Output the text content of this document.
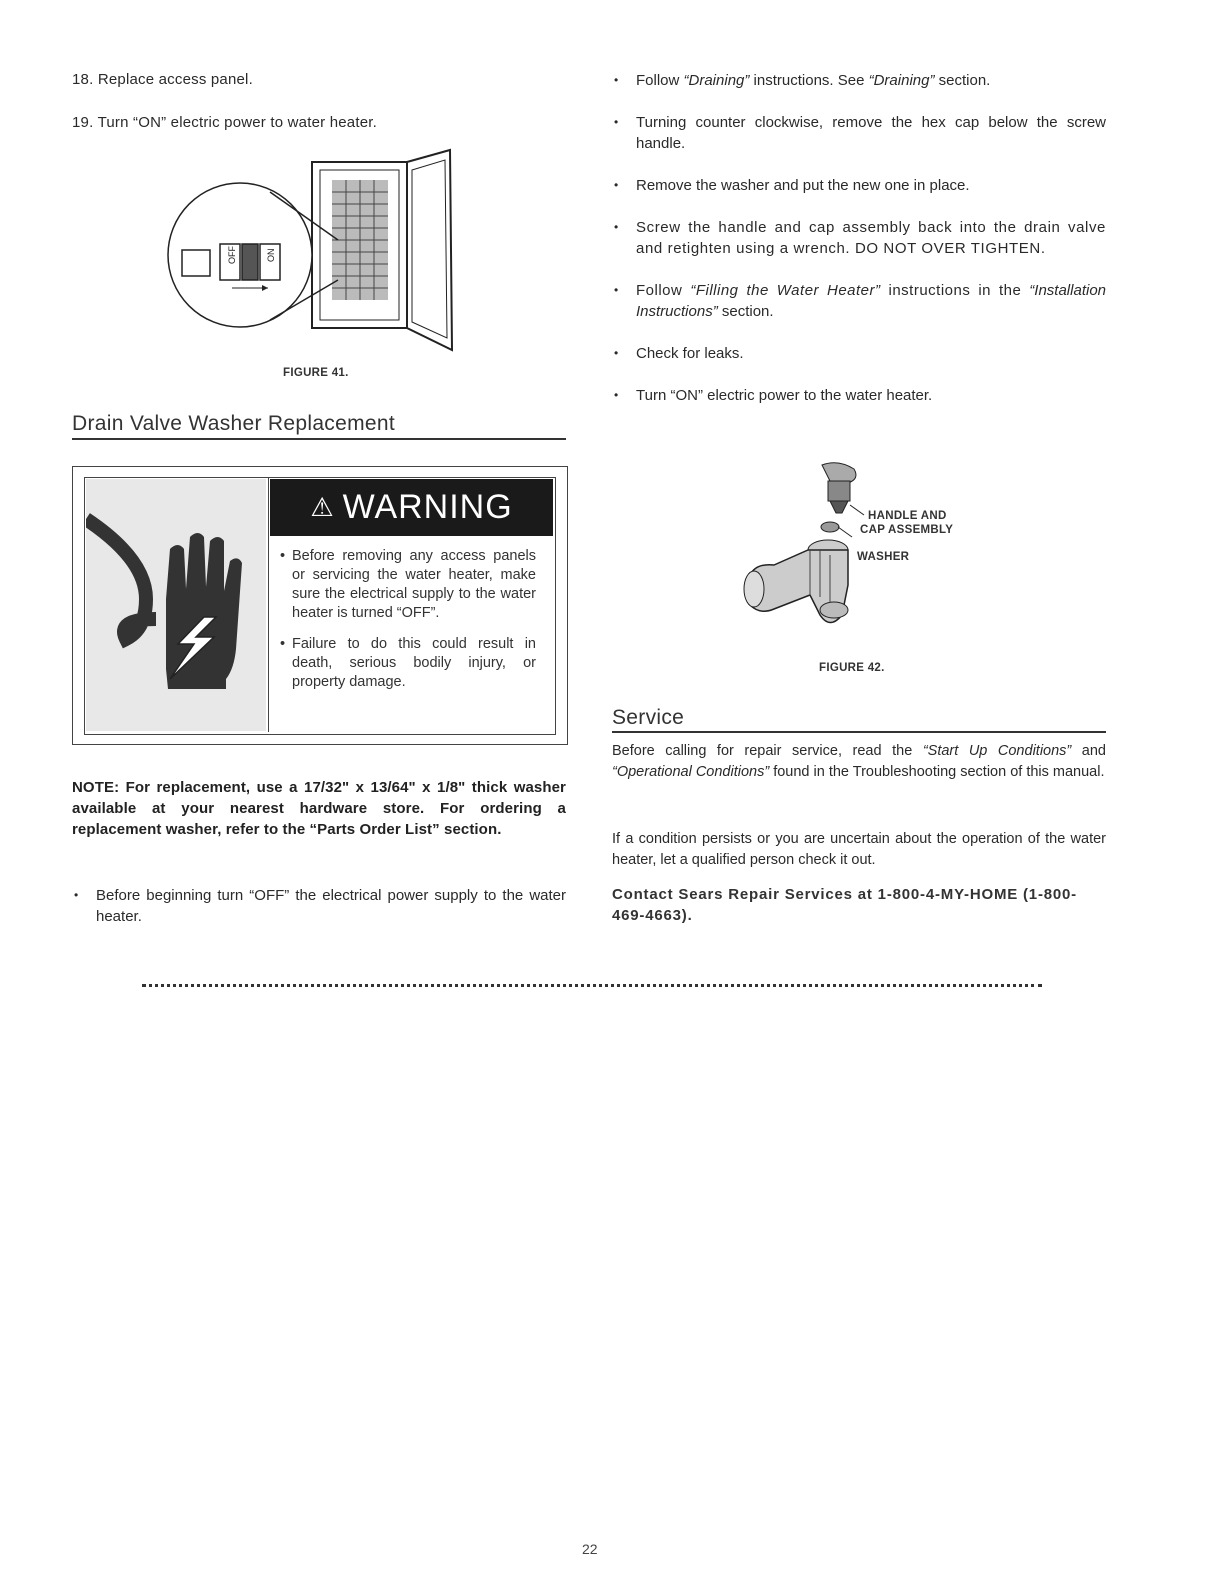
18. Replace access panel.
19. Turn “ON” electric power to water heater.
OFF	ON
FIGURE 41.
Drain Valve Washer Replacement
⚠ WARNING
• Before removing any access panels or servicing the water heater, make sure the electrical supply to the water heater is turned “OFF”.
• Failure to do this could result in death, serious bodily injury, or property damage.
NOTE: For replacement, use a 17/32" x 13/64" x 1/8" thick washer available at your nearest hardware store. For ordering a replacement washer, refer to the “Parts Order List” section.
• Before beginning turn “OFF” the electrical power supply to the water heater.
• Follow “Draining” instructions. See “Draining” section.
• Turning counter clockwise, remove the hex cap below the screw handle.
• Remove the washer and put the new one in place.
• Screw the handle and cap assembly back into the drain valve and retighten using a wrench. DO NOT OVER TIGHTEN.
• Follow “Filling the Water Heater” instructions in the “Installation Instructions” section.
• Check for leaks.
• Turn “ON” electric power to the water heater.
HANDLE AND
CAP ASSEMBLY
WASHER
FIGURE 42.
Service
Before calling for repair service, read the “Start Up Conditions” and “Operational Conditions” found in the Troubleshooting section of this manual.
If a condition persists or you are uncertain about the operation of the water heater, let a qualified person check it out.
Contact Sears Repair Services at 1-800-4-MY-HOME (1-800-469-4663).
22
